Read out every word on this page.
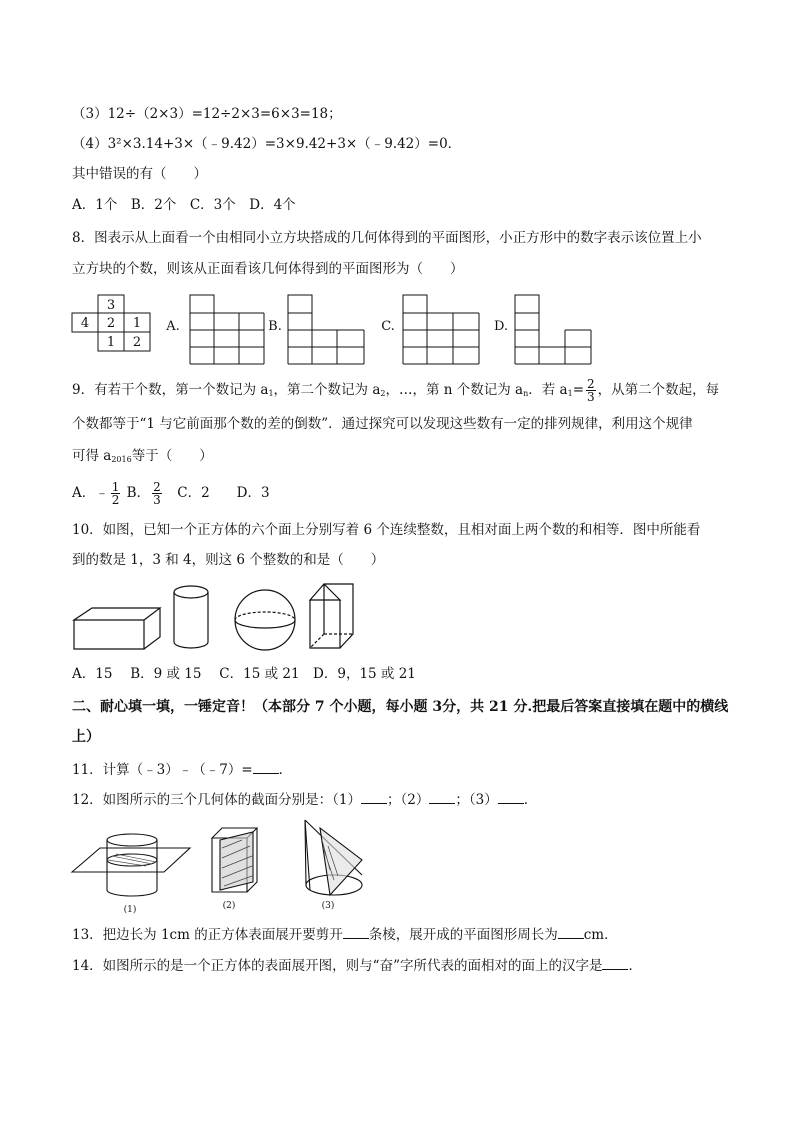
（3）12÷（2×3）=12÷2×3=6×3=18；
（4）3²×3.14+3×（﹣9.42）=3×9.42+3×（﹣9.42）=0．
其中错误的有（　　）
A．1个　B．2个　C．3个　D．4个
8．图表示从上面看一个由相同小立方块搭成的几何体得到的平面图形，小正方形中的数字表示该位置上小
立方块的个数，则该从正面看该几何体得到的平面图形为（　　）
3
4 2 1
1 2
A.	B.	C.	D.
9．有若干个数，第一个数记为 $a_1$，第二个数记为 $a_2$，…，第 n 个数记为 $a_n$．若 $a_1= \frac{2}{3}$ ，从第二个数起，每
个数都等于“1 与它前面那个数的差的倒数”．通过探究可以发现这些数有一定的排列规律，利用这个规律
可得 $a_{2016}$等于（　　）
A．﹣ $\frac{1}{2}$ B． $\frac{2}{3}$ 　C．2　　D．3
10．如图，已知一个正方体的六个面上分别写着 6 个连续整数，且相对面上两个数的和相等．图中所能看
到的数是 1，3 和 4，则这 6 个整数的和是（　　）
A．15　 B．9 或 15　 C．15 或 21　D．9，15 或 21
二、耐心填一填，一锤定音！（本部分 7 个小题，每小题 3分，共 21 分.把最后答案直接填在题中的横线
上）
11．计算（﹣3）﹣（﹣7）= ．
12．如图所示的三个几何体的截面分别是：（1） ；（2） ；（3） ．
(1)	(2)	(3)
13．把边长为 1cm 的正方体表面展开要剪开 条棱，展开成的平面图形周长为 cm．
14．如图所示的是一个正方体的表面展开图，则与“奋”字所代表的面相对的面上的汉字是 ．
